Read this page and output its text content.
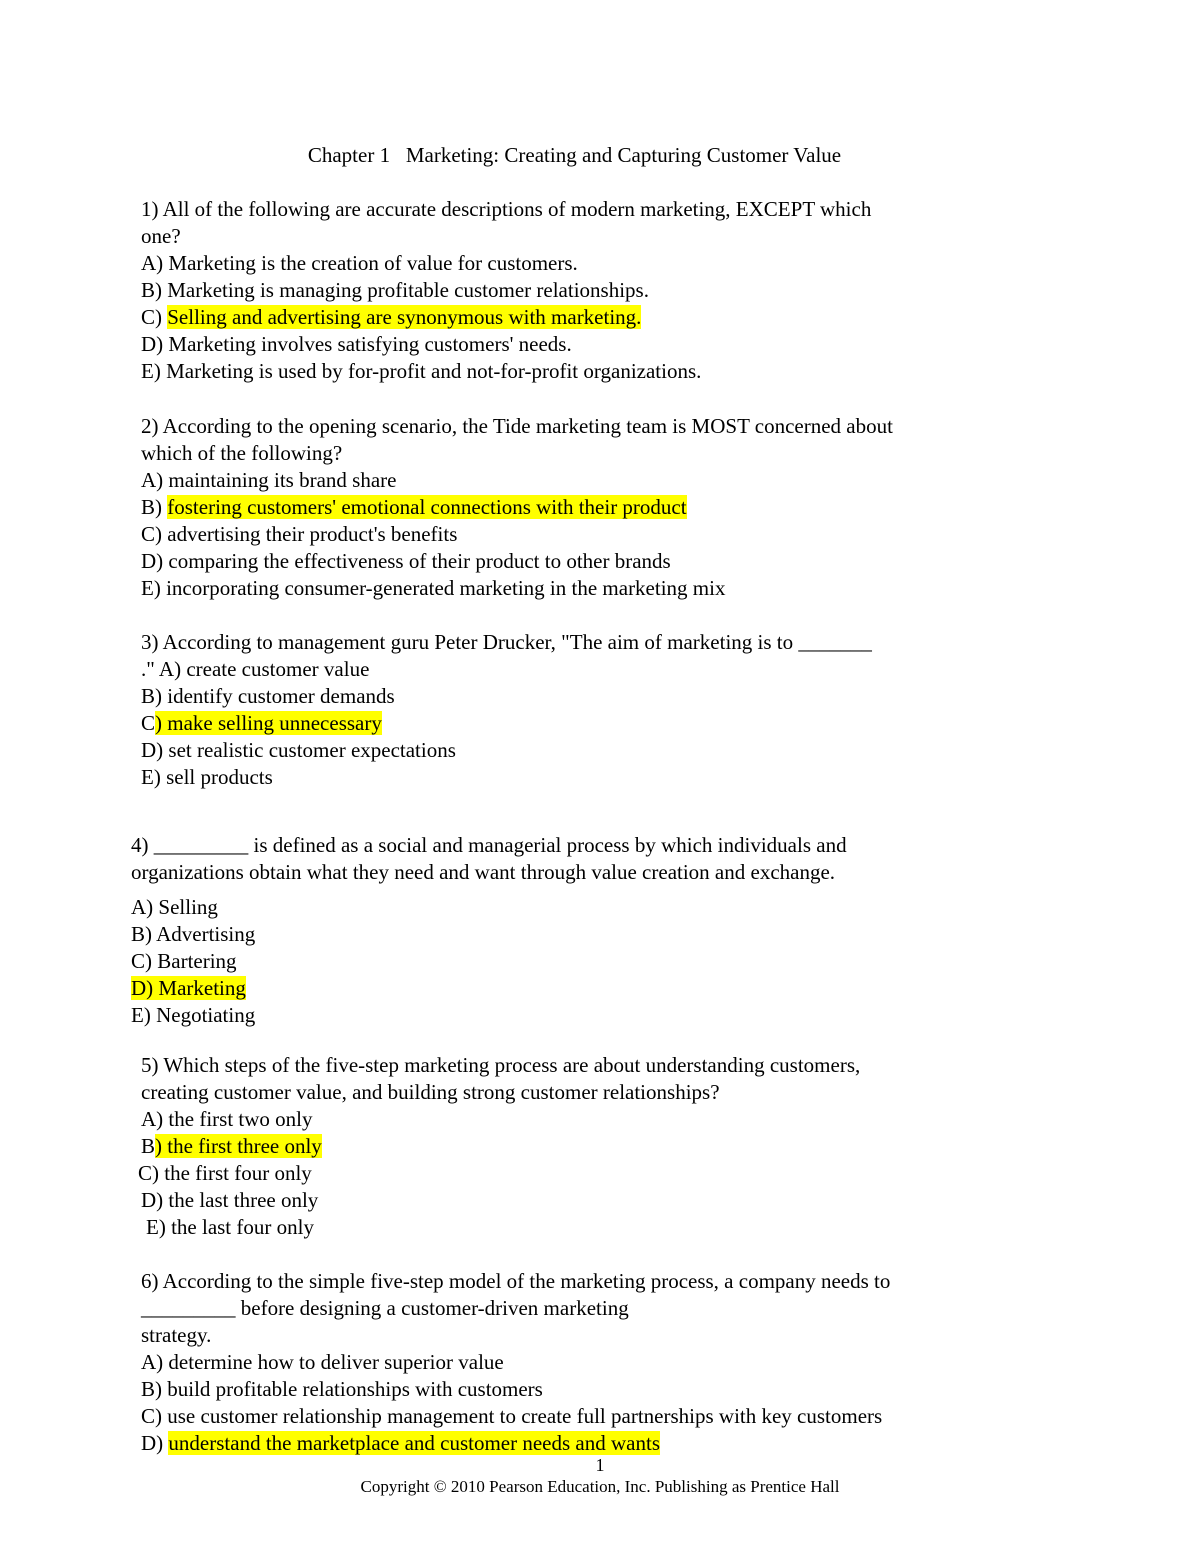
Chapter 1   Marketing: Creating and Capturing Customer Value
1) All of the following are accurate descriptions of modern marketing, EXCEPT which
one?
A) Marketing is the creation of value for customers.
B) Marketing is managing profitable customer relationships.
C) Selling and advertising are synonymous with marketing.
D) Marketing involves satisfying customers' needs.
E) Marketing is used by for-profit and not-for-profit organizations.
2) According to the opening scenario, the Tide marketing team is MOST concerned about
which of the following?
A) maintaining its brand share
B) fostering customers' emotional connections with their product
C) advertising their product's benefits
D) comparing the effectiveness of their product to other brands
E) incorporating consumer-generated marketing in the marketing mix
3) According to management guru Peter Drucker, "The aim of marketing is to _______
." A) create customer value
B) identify customer demands
C) make selling unnecessary
D) set realistic customer expectations
E) sell products
4) _________ is defined as a social and managerial process by which individuals and
organizations obtain what they need and want through value creation and exchange.
A) Selling
B) Advertising
C) Bartering
D) Marketing
E) Negotiating
5) Which steps of the five-step marketing process are about understanding customers,
creating customer value, and building strong customer relationships?
A) the first two only
B) the first three only
C) the first four only
D) the last three only
E) the last four only
6) According to the simple five-step model of the marketing process, a company needs to
_________ before designing a customer-driven marketing
strategy.
A) determine how to deliver superior value
B) build profitable relationships with customers
C) use customer relationship management to create full partnerships with key customers
D) understand the marketplace and customer needs and wants
1
Copyright © 2010 Pearson Education, Inc. Publishing as Prentice Hall
